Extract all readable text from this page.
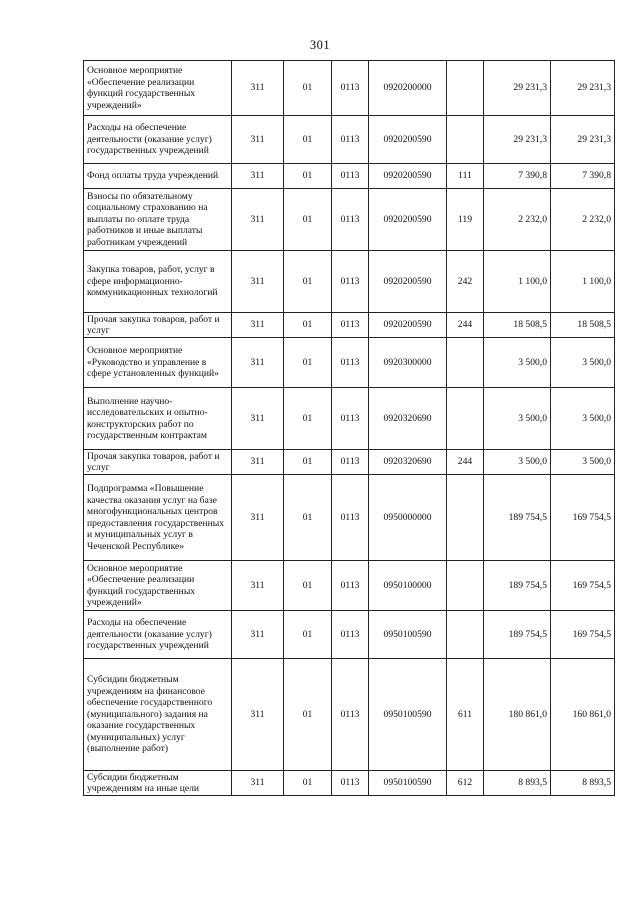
301
Основное мероприятие «Обеспечение реализации функций государственных учреждений»	311	01	0113	0920200000		29 231,3	29 231,3
Расходы на обеспечение деятельности (оказание услуг) государственных учреждений	311	01	0113	0920200590		29 231,3	29 231,3
Фонд оплаты труда учреждений	311	01	0113	0920200590	111	7 390,8	7 390,8
Взносы по обязательному социальному страхованию на выплаты по оплате труда работников и иные выплаты работникам учреждений	311	01	0113	0920200590	119	2 232,0	2 232,0
Закупка товаров, работ, услуг в сфере информационно-коммуникационных технологий	311	01	0113	0920200590	242	1 100,0	1 100,0
Прочая закупка товаров, работ и услуг	311	01	0113	0920200590	244	18 508,5	18 508,5
Основное мероприятие «Руководство и управление в сфере установленных функций»	311	01	0113	0920300000		3 500,0	3 500,0
Выполнение научно-исследовательских и опытно-конструкторских работ по государственным контрактам	311	01	0113	0920320690		3 500,0	3 500,0
Прочая закупка товаров, работ и услуг	311	01	0113	0920320690	244	3 500,0	3 500,0
Подпрограмма «Повышение качества оказания услуг на базе многофункциональных центров предоставления государственных и муниципальных услуг в Чеченской Республике»	311	01	0113	0950000000		189 754,5	169 754,5
Основное мероприятие «Обеспечение реализации функций государственных учреждений»	311	01	0113	0950100000		189 754,5	169 754,5
Расходы на обеспечение деятельности (оказание услуг) государственных учреждений	311	01	0113	0950100590		189 754,5	169 754,5
Субсидии бюджетным учреждениям на финансовое обеспечение государственного (муниципального) задания на оказание государственных (муниципальных) услуг (выполнение работ)	311	01	0113	0950100590	611	180 861,0	160 861,0
Субсидии бюджетным учреждениям на иные цели	311	01	0113	0950100590	612	8 893,5	8 893,5
